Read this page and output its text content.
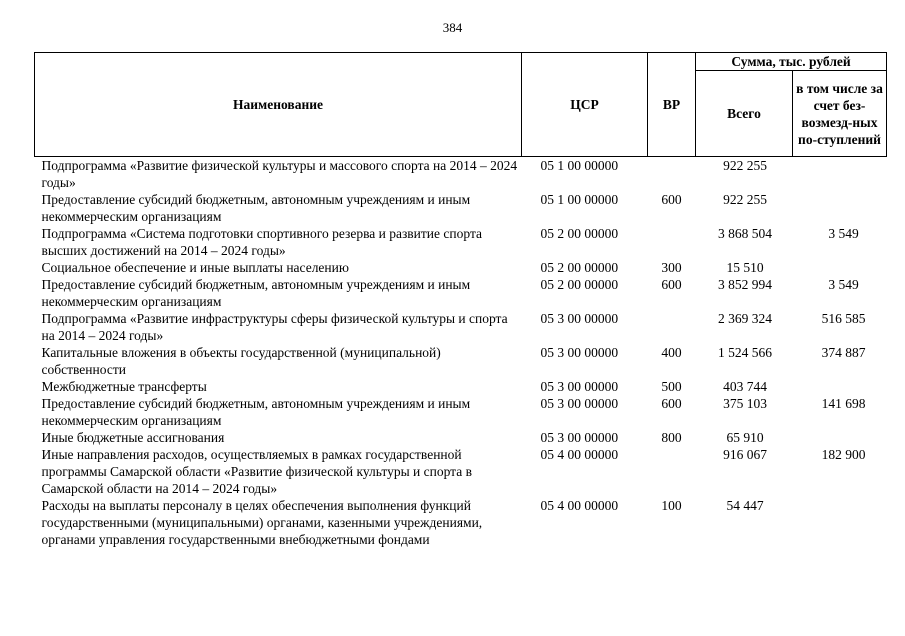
384
Наименование	ЦСР	ВР	Сумма, тыс. рублей	
			Всего	в том числе за счет без-возмезд-ных по-ступлений
Подпрограмма «Развитие физической культуры и массового спорта на 2014 – 2024 годы»	05 1 00 00000		922 255	
Предоставление субсидий бюджетным, автономным учреждениям и иным некоммерческим организациям	05 1 00 00000	600	922 255	
Подпрограмма «Система подготовки спортивного резерва и развитие спорта высших достижений на 2014 – 2024 годы»	05 2 00 00000		3 868 504	3 549
Социальное обеспечение и иные выплаты населению	05 2 00 00000	300	15 510	
Предоставление субсидий бюджетным, автономным учреждениям и иным некоммерческим организациям	05 2 00 00000	600	3 852 994	3 549
Подпрограмма «Развитие инфраструктуры сферы физической культуры и спорта на 2014 – 2024 годы»	05 3 00 00000		2 369 324	516 585
Капитальные вложения в объекты государственной (муниципальной) собственности	05 3 00 00000	400	1 524 566	374 887
Межбюджетные трансферты	05 3 00 00000	500	403 744	
Предоставление субсидий бюджетным, автономным учреждениям и иным некоммерческим организациям	05 3 00 00000	600	375 103	141 698
Иные бюджетные ассигнования	05 3 00 00000	800	65 910	
Иные направления расходов, осуществляемых в рамках государственной программы Самарской области «Развитие физической культуры и спорта в Самарской области на 2014 – 2024 годы»	05 4 00 00000		916 067	182 900
Расходы на выплаты персоналу в целях обеспечения выполнения функций государственными (муниципальными) органами, казенными учреждениями, органами управления государственными внебюджетными фондами	05 4 00 00000	100	54 447	
